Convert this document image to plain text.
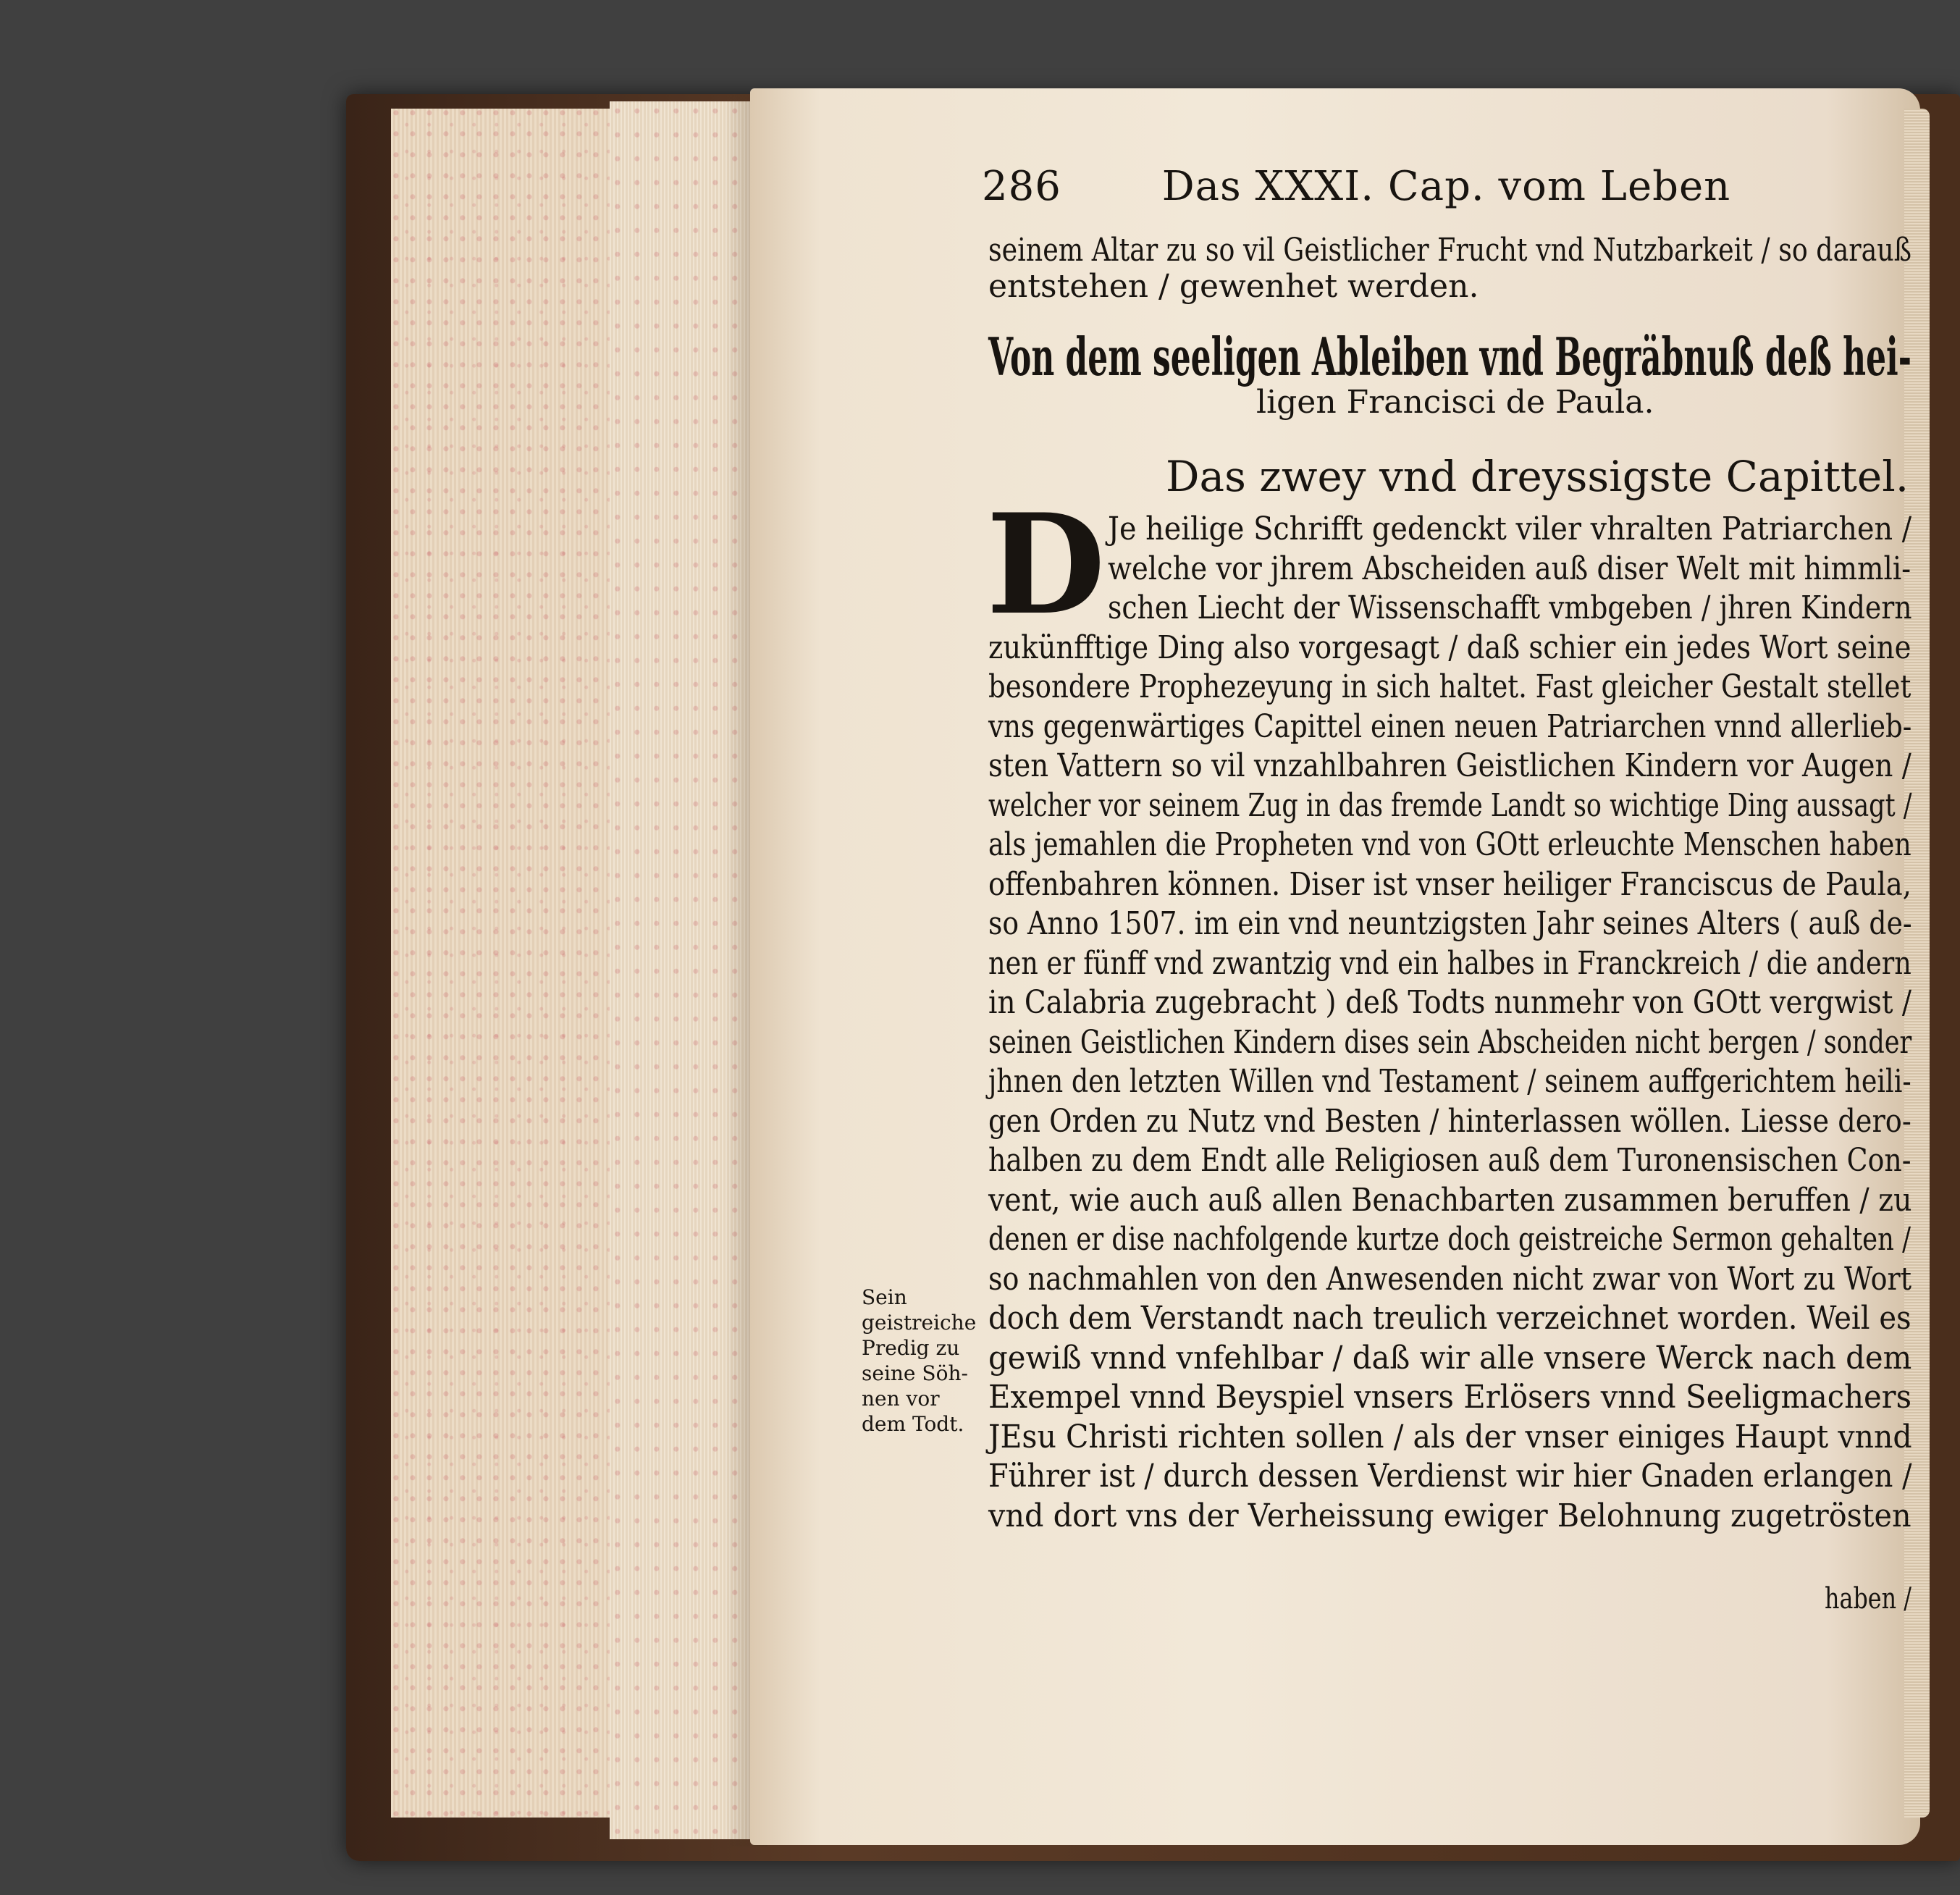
286 Das XXXI. Cap. vom Leben
seinem Altar zu so vil Geistlicher Frucht vnd Nutzbarkeit / so darauß
entstehen / gewenhet werden.
Von dem seeligen Ableiben vnd Begräbnuß deß hei-
ligen Francisci de Paula.
Das zwey vnd dreyssigste Capittel.
D Je heilige Schrifft gedenckt viler vhralten Patriarchen /
welche vor jhrem Abscheiden auß diser Welt mit himmli-
schen Liecht der Wissenschafft vmbgeben / jhren Kindern
zukünfftige Ding also vorgesagt / daß schier ein jedes Wort seine
besondere Prophezeyung in sich haltet. Fast gleicher Gestalt stellet
vns gegenwärtiges Capittel einen neuen Patriarchen vnnd allerlieb-
sten Vattern so vil vnzahlbahren Geistlichen Kindern vor Augen /
welcher vor seinem Zug in das fremde Landt so wichtige Ding aussagt /
als jemahlen die Propheten vnd von GOtt erleuchte Menschen haben
offenbahren können. Diser ist vnser heiliger Franciscus de Paula,
so Anno 1507. im ein vnd neuntzigsten Jahr seines Alters ( auß de-
nen er fünff vnd zwantzig vnd ein halbes in Franckreich / die andern
in Calabria zugebracht ) deß Todts nunmehr von GOtt vergwist /
seinen Geistlichen Kindern dises sein Abscheiden nicht bergen / sonder
jhnen den letzten Willen vnd Testament / seinem auffgerichtem heili-
gen Orden zu Nutz vnd Besten / hinterlassen wöllen. Liesse dero-
halben zu dem Endt alle Religiosen auß dem Turonensischen Con-
vent, wie auch auß allen Benachbarten zusammen beruffen / zu
denen er dise nachfolgende kurtze doch geistreiche Sermon gehalten /
so nachmahlen von den Anwesenden nicht zwar von Wort zu Wort
doch dem Verstandt nach treulich verzeichnet worden. Weil es
gewiß vnnd vnfehlbar / daß wir alle vnsere Werck nach dem
Exempel vnnd Beyspiel vnsers Erlösers vnnd Seeligmachers
JEsu Christi richten sollen / als der vnser einiges Haupt vnnd
Führer ist / durch dessen Verdienst wir hier Gnaden erlangen /
vnd dort vns der Verheissung ewiger Belohnung zugetrösten
Sein
geistreiche
Predig zu
seine Söh-
nen vor
dem Todt.
haben /
